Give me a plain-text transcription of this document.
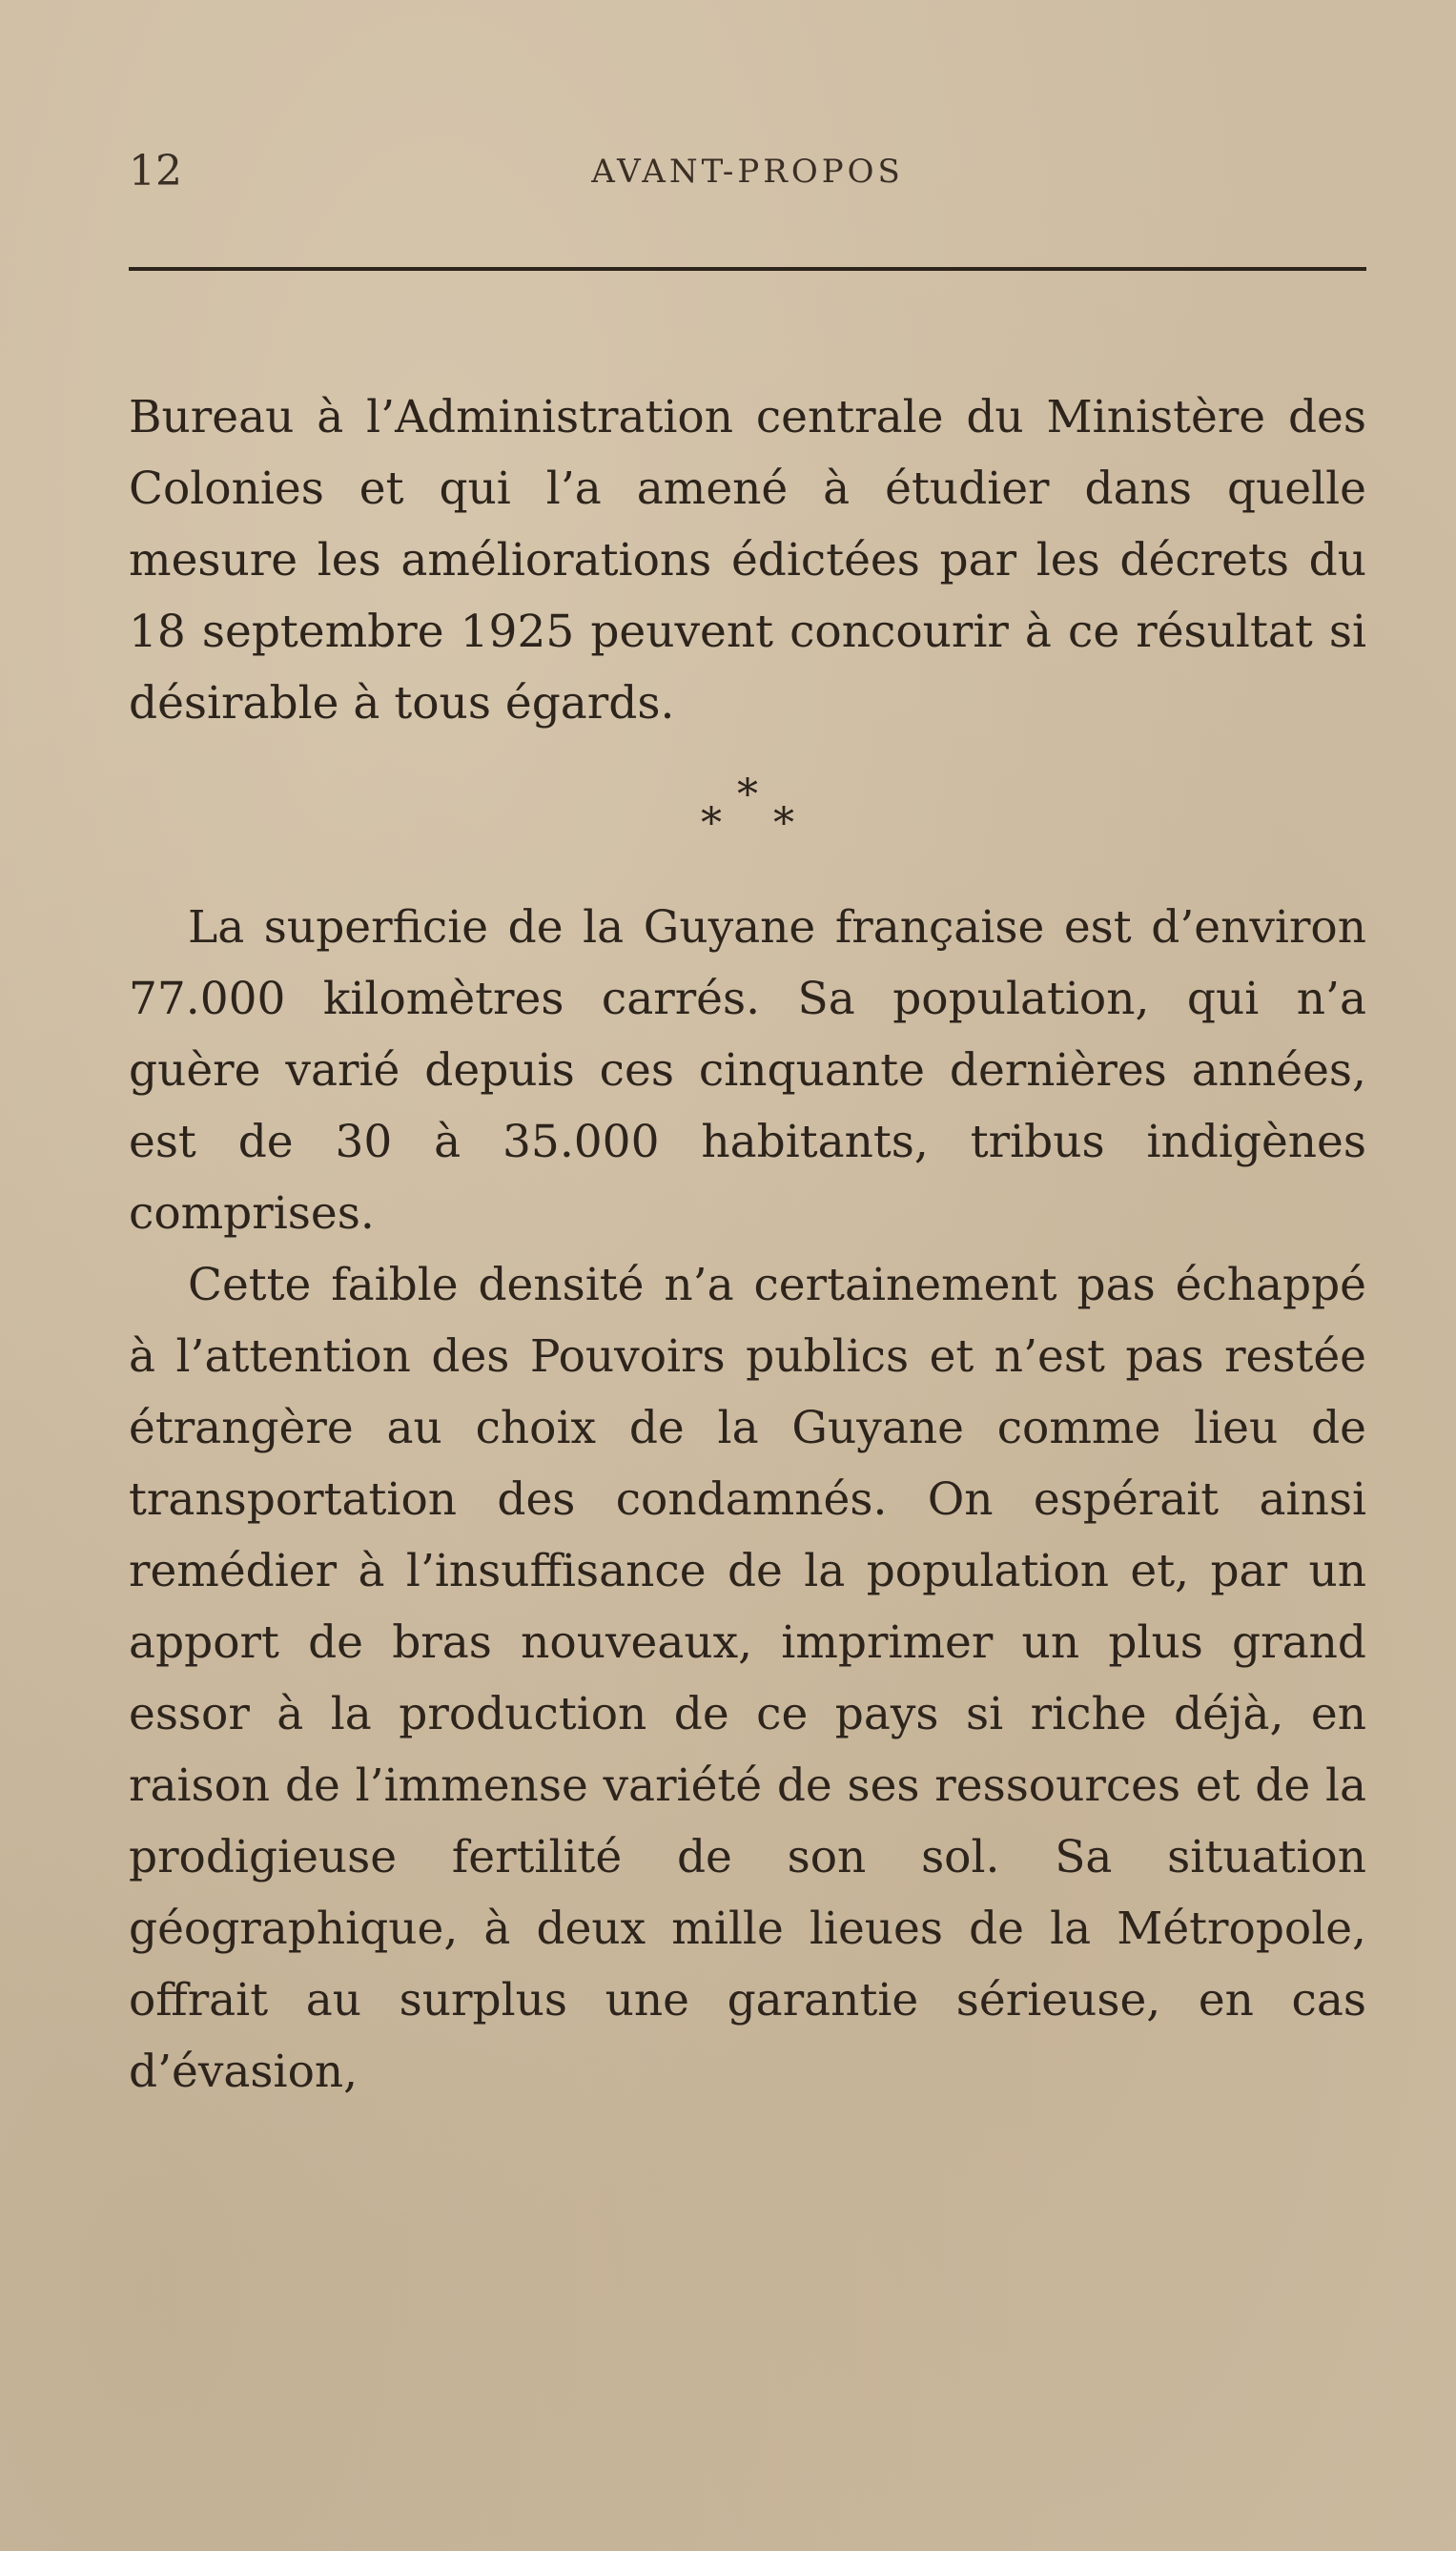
12	AVANT-PROPOS

Bureau à l’Administration centrale du Ministère des Colonies et qui l’a amené à étudier dans quelle mesure les améliorations édictées par les décrets du 18 septembre 1925 peuvent concourir à ce résultat si désirable à tous égards.

*
* *

La superficie de la Guyane française est d’environ 77.000 kilomètres carrés. Sa population, qui n’a guère varié depuis ces cinquante dernières années, est de 30 à 35.000 habitants, tribus indigènes comprises.

Cette faible densité n’a certainement pas échappé à l’attention des Pouvoirs publics et n’est pas restée étrangère au choix de la Guyane comme lieu de transportation des condamnés. On espérait ainsi remédier à l’insuffisance de la population et, par un apport de bras nouveaux, imprimer un plus grand essor à la production de ce pays si riche déjà, en raison de l’immense variété de ses ressources et de la prodigieuse fertilité de son sol. Sa situation géographique, à deux mille lieues de la Métropole, offrait au surplus une garantie sérieuse, en cas d’évasion,
